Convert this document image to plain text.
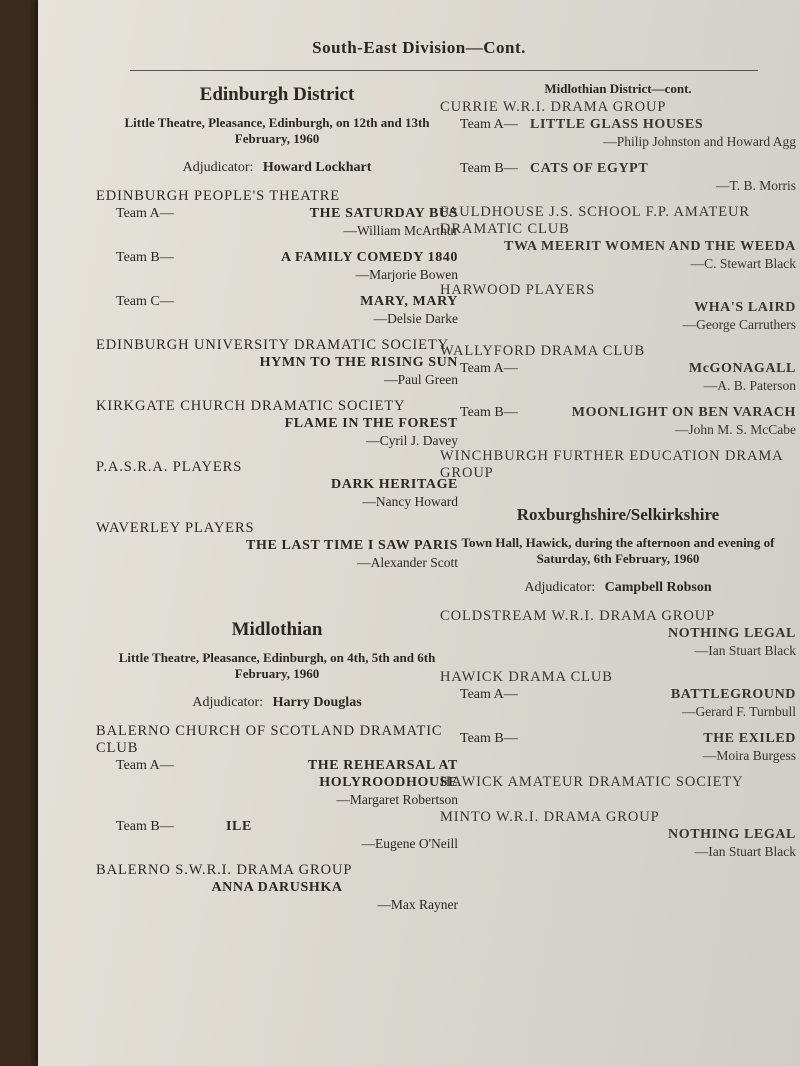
South-East Division—Cont.
Edinburgh District
Little Theatre, Pleasance, Edinburgh, on 12th and 13th February, 1960
Adjudicator: Howard Lockhart
EDINBURGH PEOPLE'S THEATRE
Team A—	THE SATURDAY BUS
—William McArthur
Team B—	A FAMILY COMEDY 1840
—Marjorie Bowen
Team C—	MARY, MARY
—Delsie Darke
EDINBURGH UNIVERSITY DRAMATIC SOCIETY
HYMN TO THE RISING SUN
—Paul Green
KIRKGATE CHURCH DRAMATIC SOCIETY
FLAME IN THE FOREST
—Cyril J. Davey
P.A.S.R.A. PLAYERS
DARK HERITAGE
—Nancy Howard
WAVERLEY PLAYERS
THE LAST TIME I SAW PARIS
—Alexander Scott
Midlothian
Little Theatre, Pleasance, Edinburgh, on 4th, 5th and 6th February, 1960
Adjudicator: Harry Douglas
BALERNO CHURCH OF SCOTLAND DRAMATIC CLUB
Team A—	THE REHEARSAL AT HOLYROODHOUSE
—Margaret Robertson
Team B—	ILE
—Eugene O'Neill
BALERNO S.W.R.I. DRAMA GROUP
ANNA DARUSHKA
—Max Rayner
Midlothian District—cont.
CURRIE W.R.I. DRAMA GROUP
Team A— LITTLE GLASS HOUSES
—Philip Johnston and Howard Agg
Team B— CATS OF EGYPT
—T. B. Morris
FAULDHOUSE J.S. SCHOOL F.P. AMATEUR DRAMATIC CLUB
TWA MEERIT WOMEN AND THE WEEDA
—C. Stewart Black
HARWOOD PLAYERS
WHA'S LAIRD
—George Carruthers
WALLYFORD DRAMA CLUB
Team A—	McGONAGALL
—A. B. Paterson
Team B—	MOONLIGHT ON BEN VARACH
—John M. S. McCabe
WINCHBURGH FURTHER EDUCATION DRAMA GROUP
Roxburghshire/Selkirkshire
Town Hall, Hawick, during the afternoon and evening of Saturday, 6th February, 1960
Adjudicator: Campbell Robson
COLDSTREAM W.R.I. DRAMA GROUP
NOTHING LEGAL
—Ian Stuart Black
HAWICK DRAMA CLUB
Team A—	BATTLEGROUND
—Gerard F. Turnbull
Team B—	THE EXILED
—Moira Burgess
HAWICK AMATEUR DRAMATIC SOCIETY
MINTO W.R.I. DRAMA GROUP
NOTHING LEGAL
—Ian Stuart Black
